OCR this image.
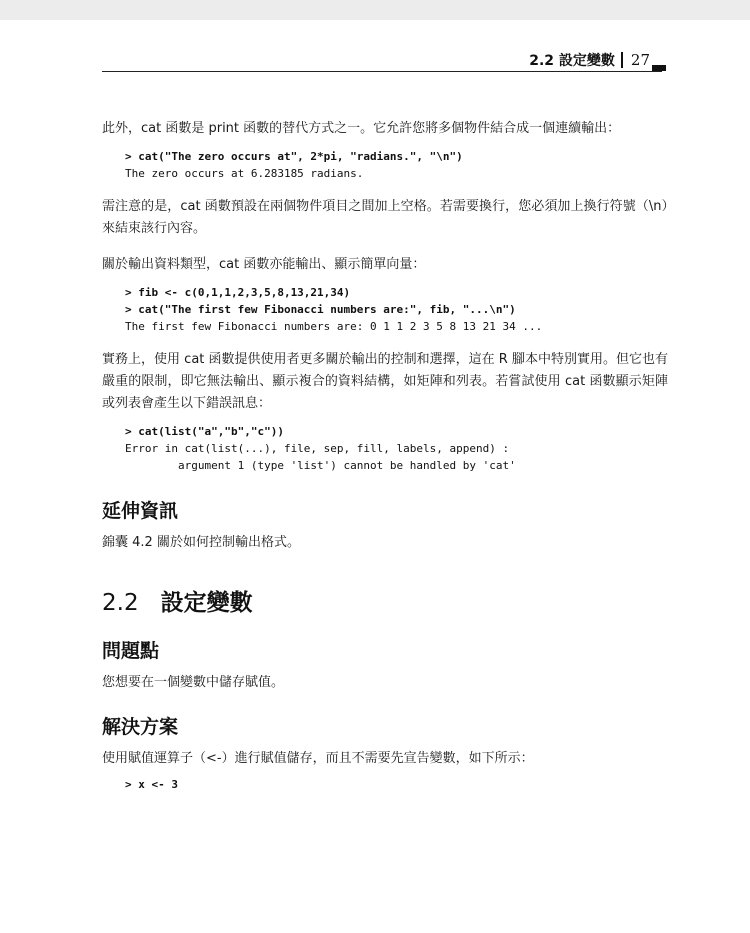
2.2 設定變數 27

此外，cat 函數是 print 函數的替代方式之一。它允許您將多個物件結合成一個連續輸出：

> cat("The zero occurs at", 2*pi, "radians.", "\n")
The zero occurs at 6.283185 radians.

需注意的是，cat 函數預設在兩個物件項目之間加上空格。若需要換行，您必須加上換行符號（\n）來結束該行內容。

關於輸出資料類型，cat 函數亦能輸出、顯示簡單向量：

> fib <- c(0,1,1,2,3,5,8,13,21,34)
> cat("The first few Fibonacci numbers are:", fib, "...\n")
The first few Fibonacci numbers are: 0 1 1 2 3 5 8 13 21 34 ...

實務上，使用 cat 函數提供使用者更多關於輸出的控制和選擇，這在 R 腳本中特別實用。但它也有嚴重的限制，即它無法輸出、顯示複合的資料結構，如矩陣和列表。若嘗試使用 cat 函數顯示矩陣或列表會產生以下錯誤訊息：

> cat(list("a","b","c"))
Error in cat(list(...), file, sep, fill, labels, append) :
argument 1 (type 'list') cannot be handled by 'cat'
延伸資訊

錦囊 4.2 關於如何控制輸出格式。

2.2 設定變數
問題點

您想要在一個變數中儲存賦值。

解決方案

使用賦值運算子（<-）進行賦值儲存，而且不需要先宣告變數，如下所示：

> x <- 3
